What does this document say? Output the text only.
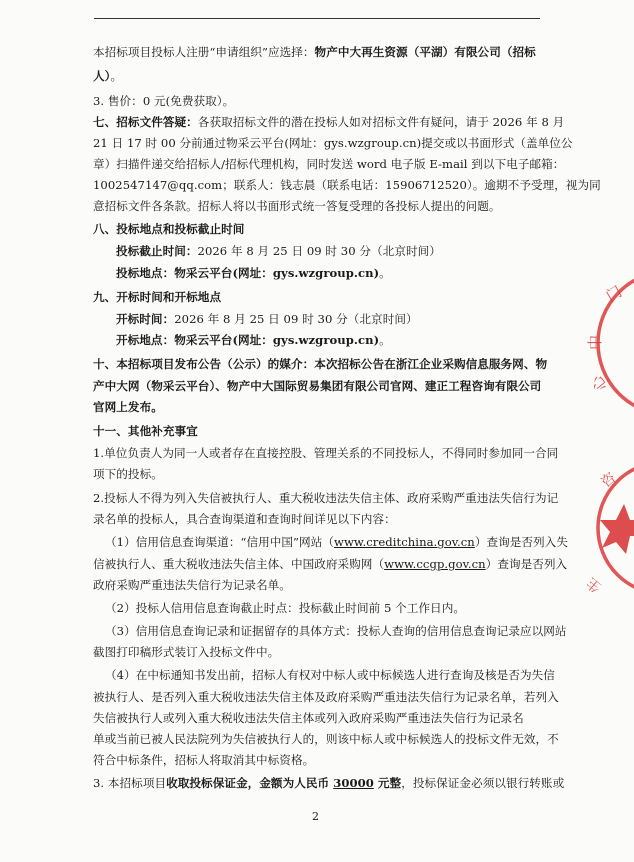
本招标项目投标人注册“申请组织”应选择：物产中大再生资源（平湖）有限公司（招标
人）。
3. 售价：0 元(免费获取）。
七、招标文件答疑：各获取招标文件的潜在投标人如对招标文件有疑问，请于 2026 年 8 月
21 日 17 时 00 分前通过物采云平台(网址：gys.wzgroup.cn)提交或以书面形式（盖单位公
章）扫描件递交给招标人/招标代理机构，同时发送 word 电子版 E-mail 到以下电子邮箱：
1002547147@qq.com；联系人：钱志晨（联系电话：15906712520）。逾期不予受理，视为同
意招标文件各条款。招标人将以书面形式统一答复受理的各投标人提出的问题。
八、投标地点和投标截止时间
投标截止时间：2026 年 8 月 25 日 09 时 30 分（北京时间）
投标地点：物采云平台(网址：gys.wzgroup.cn)。
九、开标时间和开标地点
开标时间：2026 年 8 月 25 日 09 时 30 分（北京时间）
开标地点：物采云平台(网址：gys.wzgroup.cn)。
十、本招标项目发布公告（公示）的媒介：本次招标公告在浙江企业采购信息服务网、物
产中大网（物采云平台）、物产中大国际贸易集团有限公司官网、建正工程咨询有限公司
官网上发布。
十一、其他补充事宜
1.单位负责人为同一人或者存在直接控股、管理关系的不同投标人，不得同时参加同一合同
项下的投标。
2.投标人不得为列入失信被执行人、重大税收违法失信主体、政府采购严重违法失信行为记
录名单的投标人，具合查询渠道和查询时间详见以下内容：
（1）信用信息查询渠道：“信用中国”网站（www.creditchina.gov.cn）查询是否列入失
信被执行人、重大税收违法失信主体、中国政府采购网（www.ccgp.gov.cn）查询是否列入
政府采购严重违法失信行为记录名单。
（2）投标人信用信息查询截止时点：投标截止时间前 5 个工作日内。
（3）信用信息查询记录和证据留存的具体方式：投标人查询的信用信息查询记录应以网站
截图打印稿形式装订入投标文件中。
（4）在中标通知书发出前，招标人有权对中标人或中标候选人进行查询及核是否为失信
被执行人、是否列入重大税收违法失信主体及政府采购严重违法失信行为记录名单，若列入
失信被执行人或列入重大税收违法失信主体或列入政府采购严重违法失信行为记录名
单或当前已被人民法院列为失信被执行人的，则该中标人或中标候选人的投标文件无效，不
符合中标条件，招标人将取消其中标资格。
3. 本招标项目收取投标保证金，金额为人民币 30000 元整，投标保证金必须以银行转账或
2
门
中
心
咨
生
